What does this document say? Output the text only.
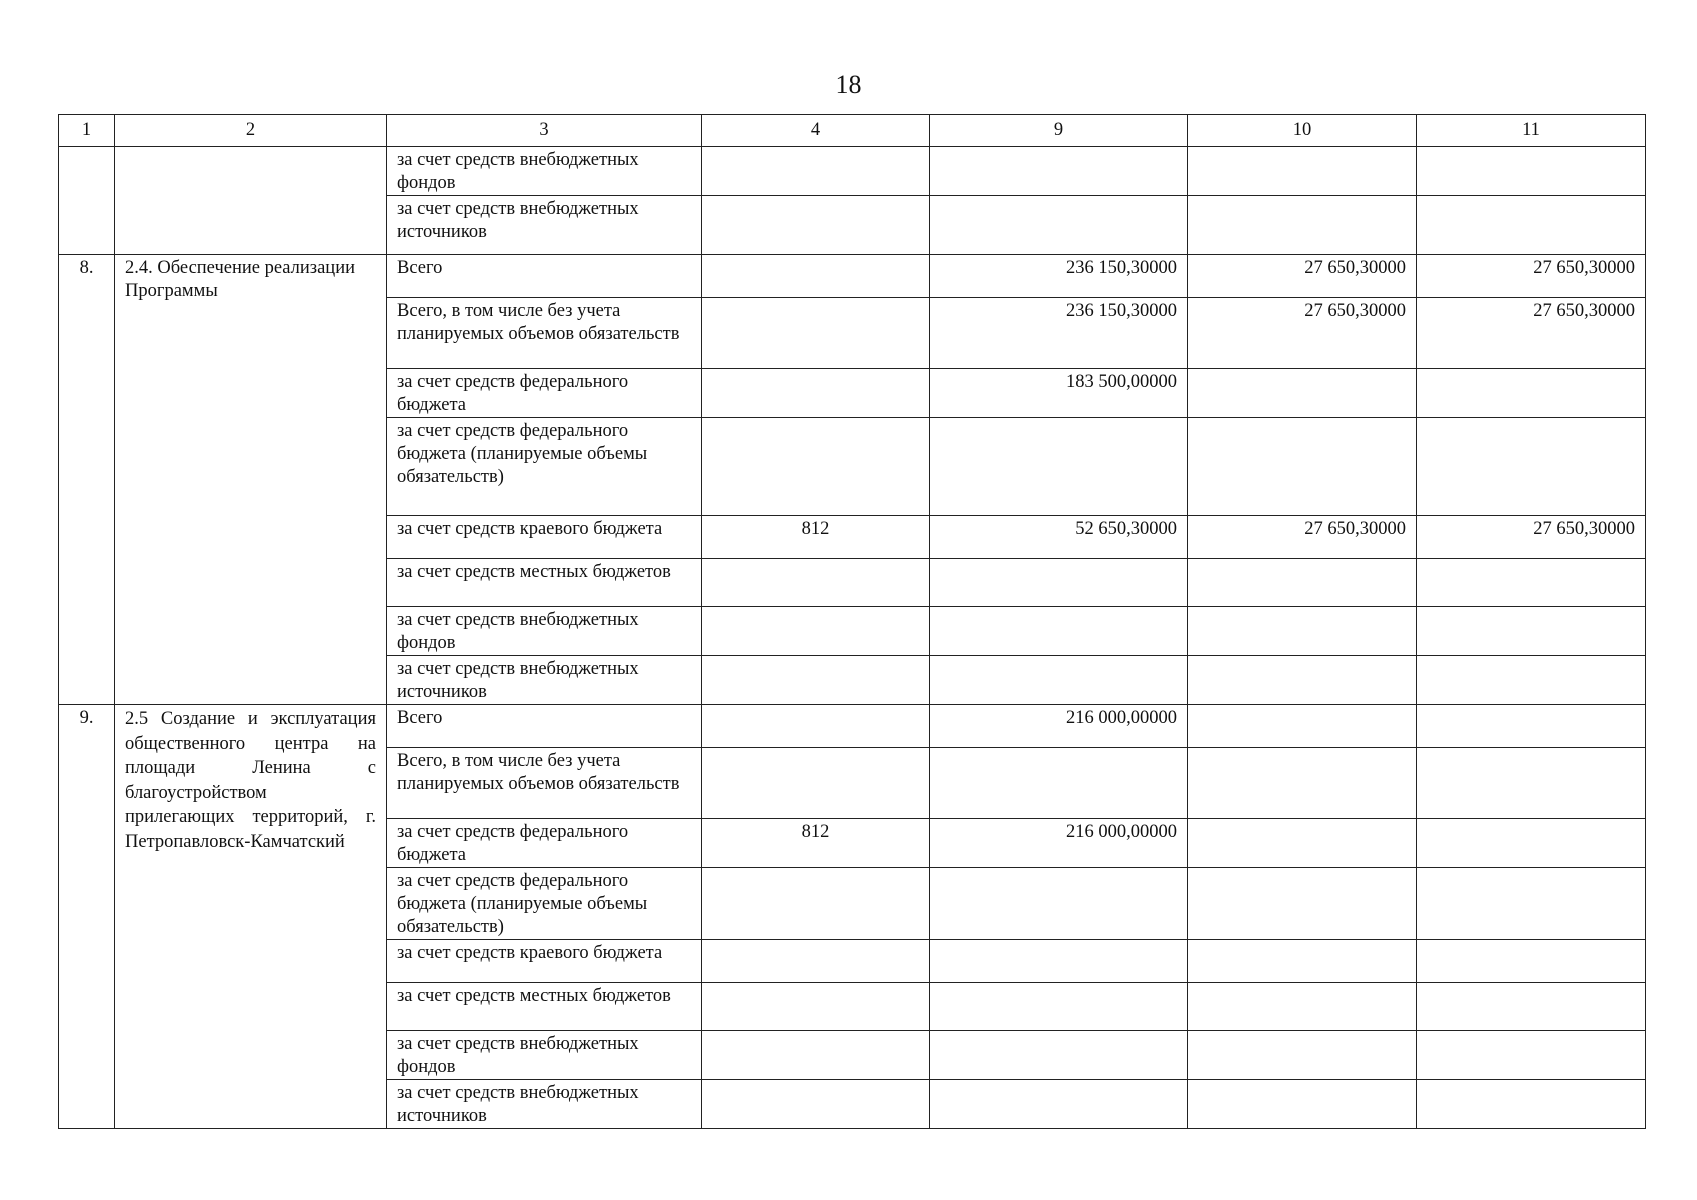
18
1	2	3	4	9	10	11
		за счет средств внебюджетных фондов				
		за счет средств внебюджетных источников				
8.	2.4. Обеспечение реализации Программы	Всего		236 150,30000	27 650,30000	27 650,30000
		Всего, в том числе без учета планируемых объемов обязательств		236 150,30000	27 650,30000	27 650,30000
		за счет средств федерального бюджета		183 500,00000		
		за счет средств федерального бюджета (планируемые объемы обязательств)				
		за счет средств краевого бюджета	812	52 650,30000	27 650,30000	27 650,30000
		за счет средств местных бюджетов				
		за счет средств внебюджетных фондов				
		за счет средств внебюджетных источников				
9.	2.5 Создание и эксплуатация общественного центра на площади Ленина с благоустройством прилегающих территорий, г. Петропавловск-Камчатский	Всего		216 000,00000		
		Всего, в том числе без учета планируемых объемов обязательств				
		за счет средств федерального бюджета	812	216 000,00000		
		за счет средств федерального бюджета (планируемые объемы обязательств)				
		за счет средств краевого бюджета				
		за счет средств местных бюджетов				
		за счет средств внебюджетных фондов				
		за счет средств внебюджетных источников				
